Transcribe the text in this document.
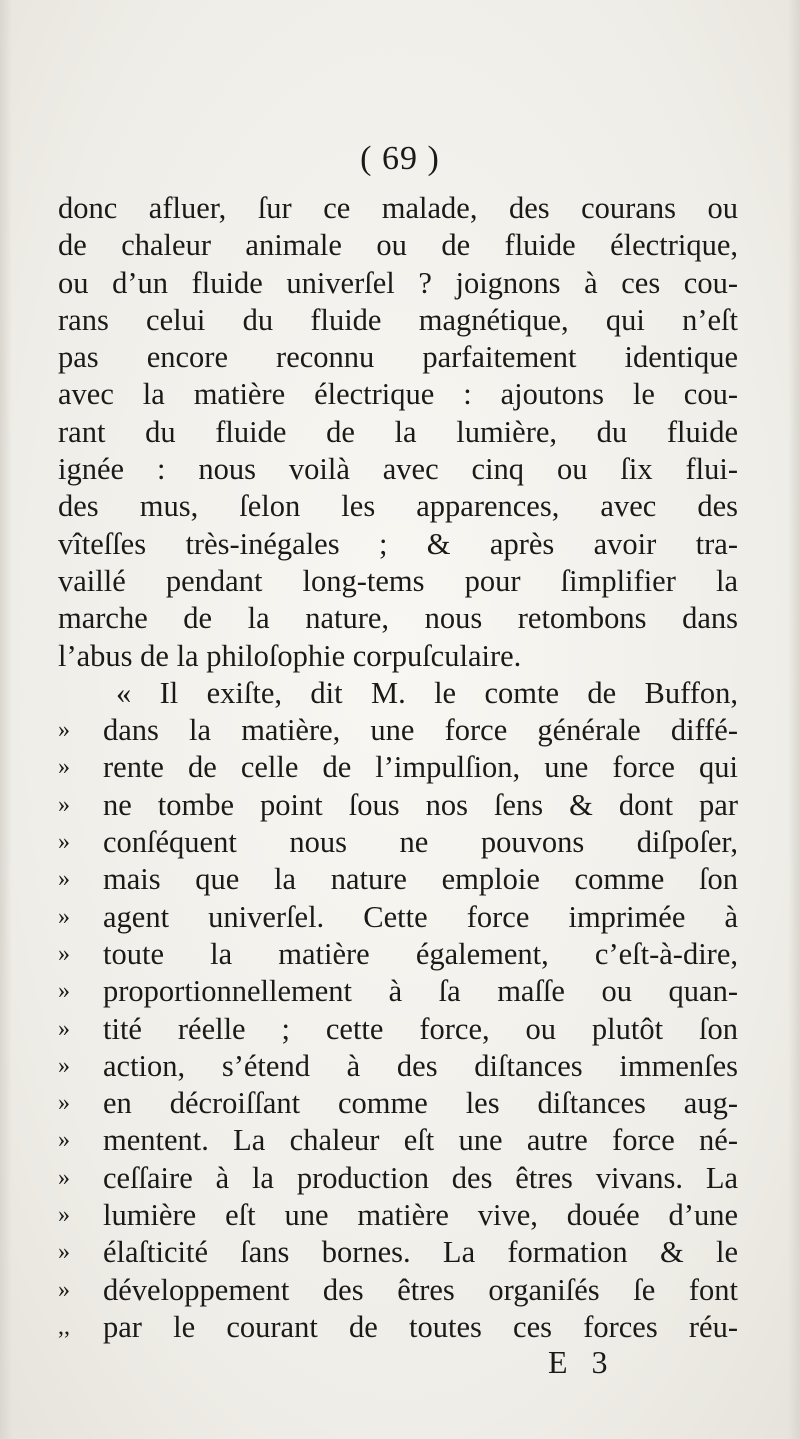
( 69 )
donc afluer, ſur ce malade, des courans ou
de chaleur animale ou de fluide électrique,
ou d’un fluide univerſel ? joignons à ces cou-
rans celui du fluide magnétique, qui n’eſt
pas encore reconnu parfaitement identique
avec la matière électrique : ajoutons le cou-
rant du fluide de la lumière, du fluide
ignée : nous voilà avec cinq ou ſix flui-
des mus, ſelon les apparences, avec des
vîteſſes très-inégales ; & après avoir tra-
vaillé pendant long-tems pour ſimplifier la
marche de la nature, nous retombons dans
l’abus de la philoſophie corpuſculaire.
« Il exiſte, dit M. le comte de Buffon,
»	dans la matière, une force générale diffé-
»	rente de celle de l’impulſion, une force qui
»	ne tombe point ſous nos ſens & dont par
»	conſéquent nous ne pouvons diſpoſer,
»	mais que la nature emploie comme ſon
»	agent univerſel. Cette force imprimée à
»	toute la matière également, c’eſt-à-dire,
»	proportionnellement à ſa maſſe ou quan-
»	tité réelle ; cette force, ou plutôt ſon
»	action, s’étend à des diſtances immenſes
»	en décroiſſant comme les diſtances aug-
»	mentent. La chaleur eſt une autre force né-
»	ceſſaire à la production des êtres vivans. La
»	lumière eſt une matière vive, douée d’une
»	élaſticité ſans bornes. La formation & le
»	développement des êtres organiſés ſe font
,,	par le courant de toutes ces forces réu-
E 3
